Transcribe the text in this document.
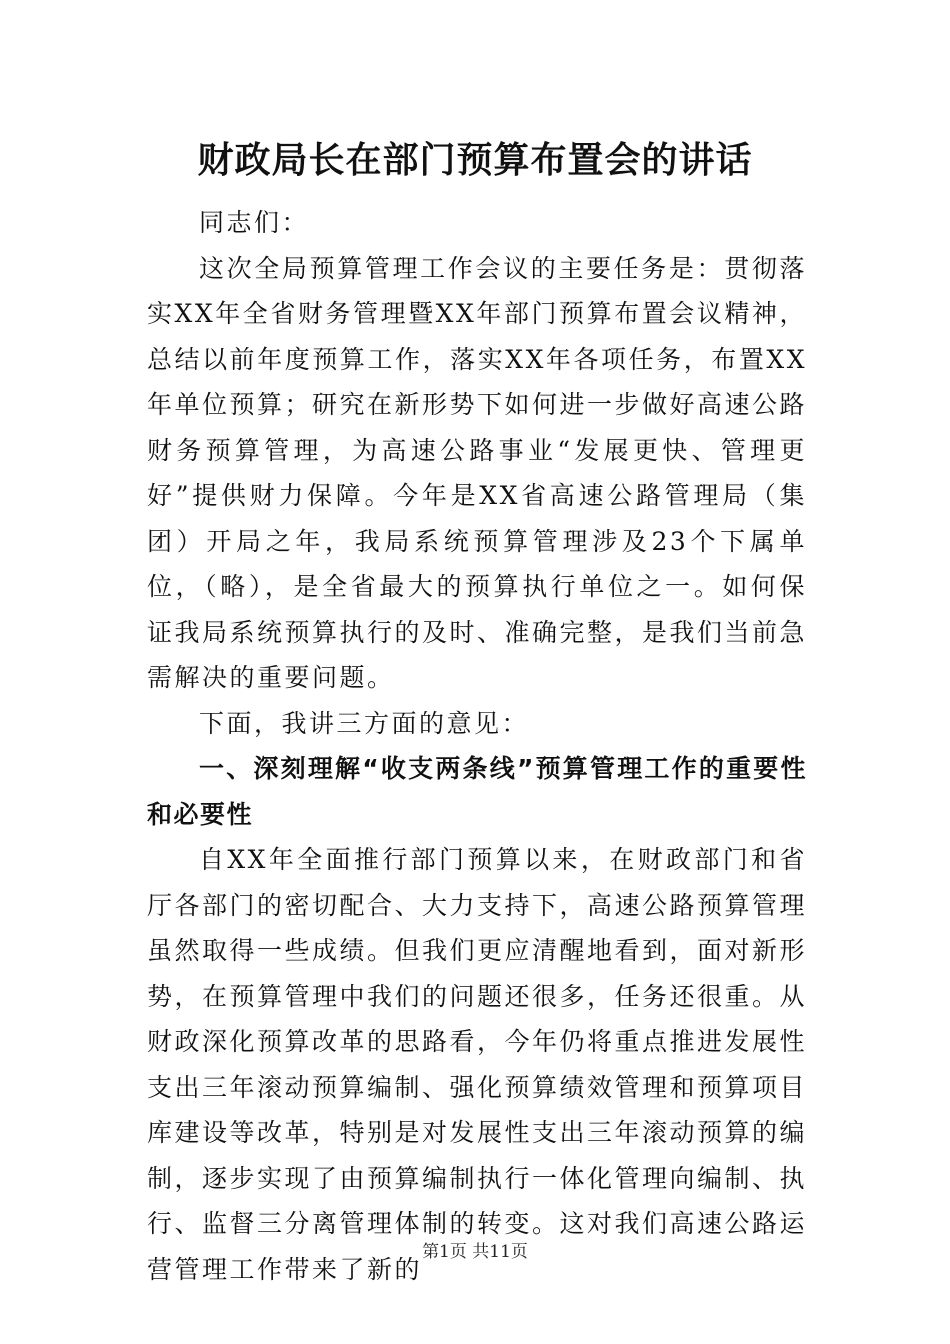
财政局长在部门预算布置会的讲话

同志们：

这次全局预算管理工作会议的主要任务是：贯彻落实XX年全省财务管理暨XX年部门预算布置会议精神，总结以前年度预算工作，落实XX年各项任务，布置XX年单位预算；研究在新形势下如何进一步做好高速公路财务预算管理，为高速公路事业“发展更快、管理更好”提供财力保障。今年是XX省高速公路管理局（集团）开局之年，我局系统预算管理涉及23个下属单位，（略），是全省最大的预算执行单位之一。如何保证我局系统预算执行的及时、准确完整，是我们当前急需解决的重要问题。

下面，我讲三方面的意见：

一、深刻理解“收支两条线”预算管理工作的重要性和必要性

自XX年全面推行部门预算以来，在财政部门和省厅各部门的密切配合、大力支持下，高速公路预算管理虽然取得一些成绩。但我们更应清醒地看到，面对新形势，在预算管理中我们的问题还很多，任务还很重。从财政深化预算改革的思路看，今年仍将重点推进发展性支出三年滚动预算编制、强化预算绩效管理和预算项目库建设等改革，特别是对发展性支出三年滚动预算的编制，逐步实现了由预算编制执行一体化管理向编制、执行、监督三分离管理体制的转变。这对我们高速公路运营管理工作带来了新的

第1页 共11页
